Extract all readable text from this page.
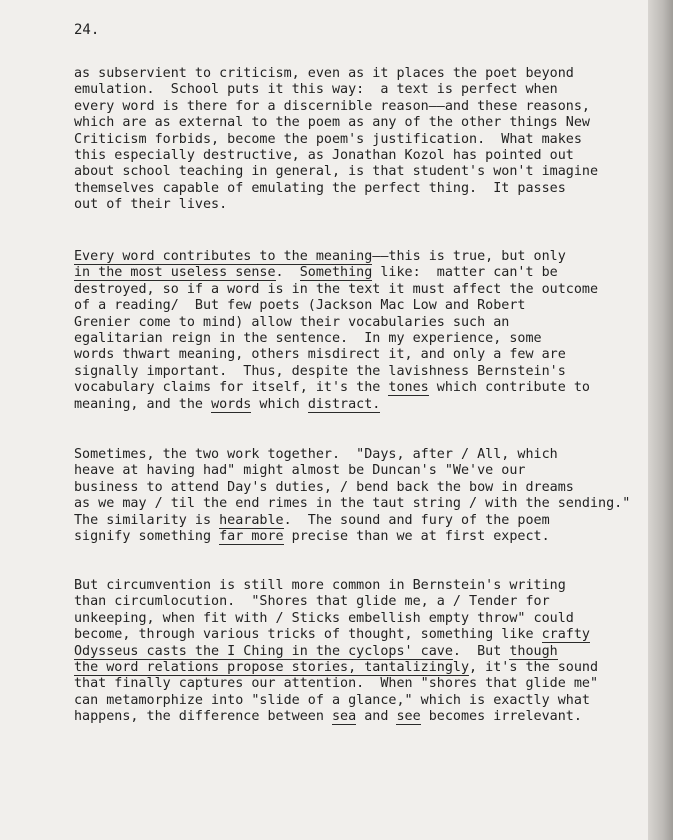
24.
as subservient to criticism, even as it places the poet beyond
emulation.  School puts it this way:  a text is perfect when
every word is there for a discernible reason——and these reasons,
which are as external to the poem as any of the other things New
Criticism forbids, become the poem's justification.  What makes
this especially destructive, as Jonathan Kozol has pointed out
about school teaching in general, is that student's won't imagine
themselves capable of emulating the perfect thing.  It passes
out of their lives.
Every word contributes to the meaning——this is true, but only
in the most useless sense.  Something like:  matter can't be
destroyed, so if a word is in the text it must affect the outcome
of a reading/  But few poets (Jackson Mac Low and Robert
Grenier come to mind) allow their vocabularies such an
egalitarian reign in the sentence.  In my experience, some
words thwart meaning, others misdirect it, and only a few are
signally important.  Thus, despite the lavishness Bernstein's
vocabulary claims for itself, it's the tones which contribute to
meaning, and the words which distract.
Sometimes, the two work together.  "Days, after / All, which
heave at having had" might almost be Duncan's "We've our
business to attend Day's duties, / bend back the bow in dreams
as we may / til the end rimes in the taut string / with the sending."
The similarity is hearable.  The sound and fury of the poem
signify something far more precise than we at first expect.
But circumvention is still more common in Bernstein's writing
than circumlocution.  "Shores that glide me, a / Tender for
unkeeping, when fit with / Sticks embellish empty throw" could
become, through various tricks of thought, something like crafty
Odysseus casts the I Ching in the cyclops' cave.  But though
the word relations propose stories, tantalizingly, it's the sound
that finally captures our attention.  When "shores that glide me"
can metamorphize into "slide of a glance," which is exactly what
happens, the difference between sea and see becomes irrelevant.
